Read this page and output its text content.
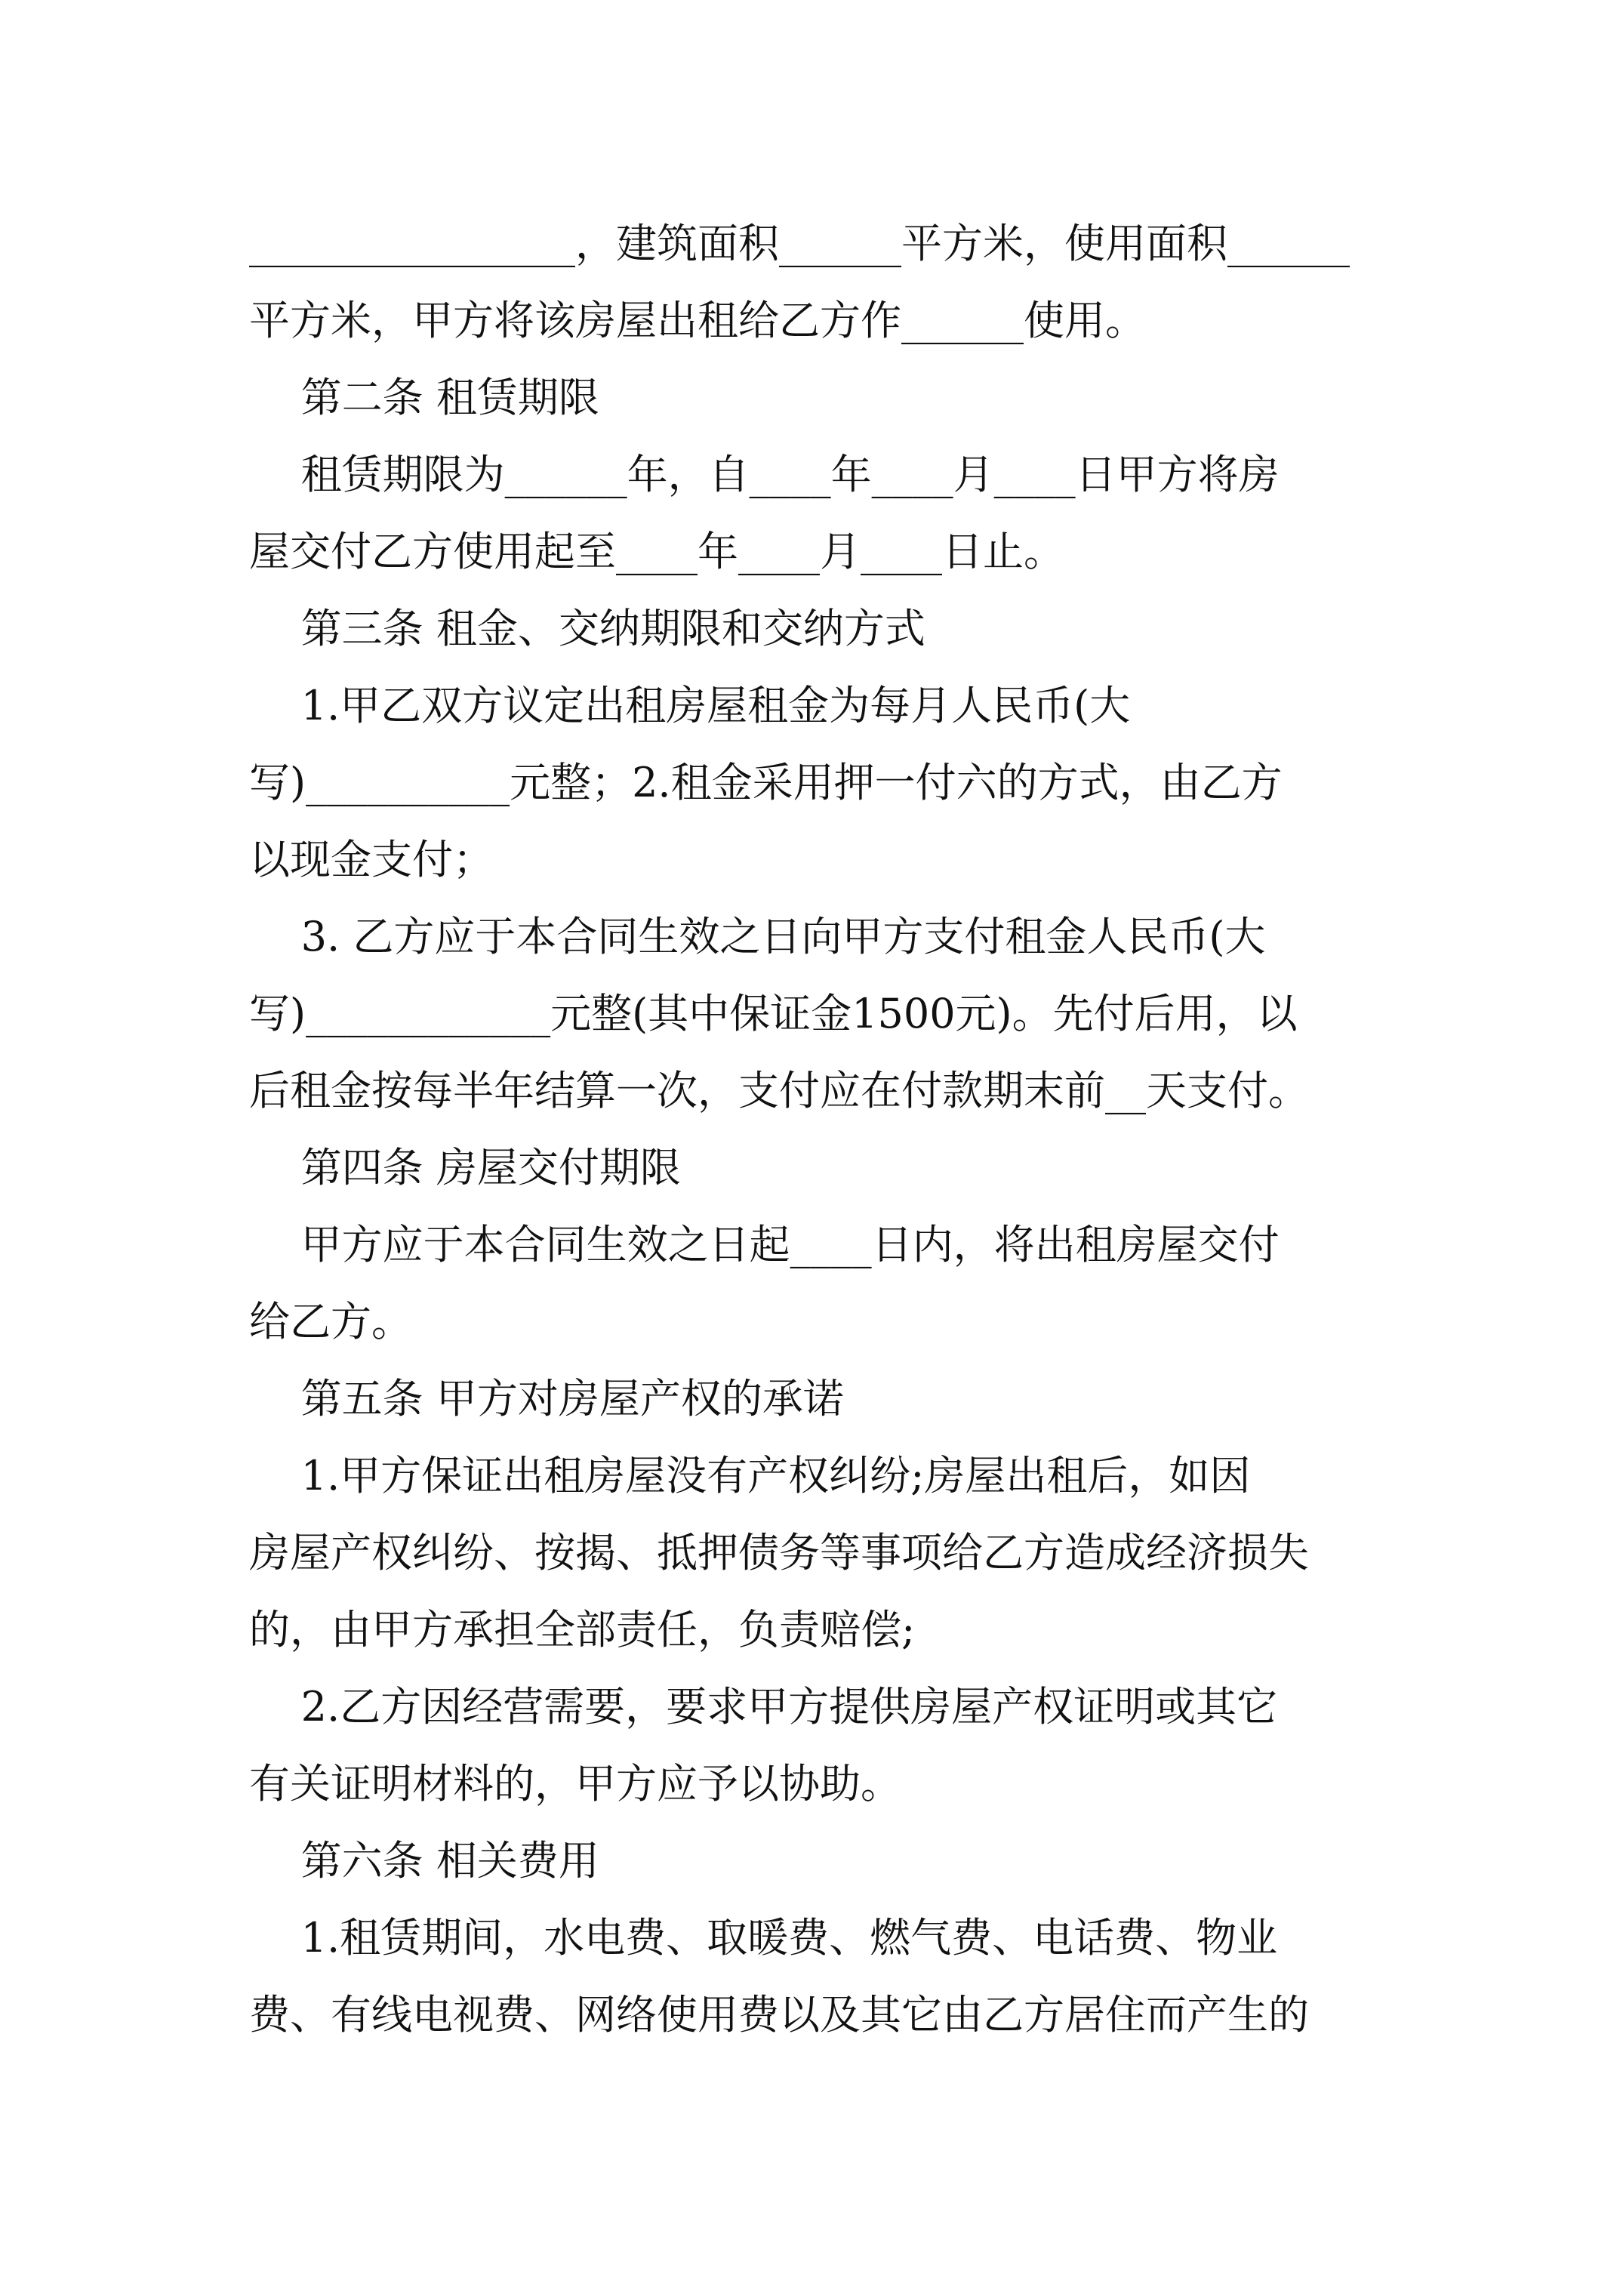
________________，建筑面积______平方米，使用面积______
平方米，甲方将该房屋出租给乙方作______使用。
第二条 租赁期限
租赁期限为______年，自____年____月____日甲方将房
屋交付乙方使用起至____年____月____日止。
第三条 租金、交纳期限和交纳方式
1.甲乙双方议定出租房屋租金为每月人民币(大
写)__________元整；2.租金采用押一付六的方式，由乙方
以现金支付；
3. 乙方应于本合同生效之日向甲方支付租金人民币(大
写)____________元整(其中保证金1500元)。先付后用，以
后租金按每半年结算一次，支付应在付款期末前__天支付。
第四条 房屋交付期限
甲方应于本合同生效之日起____日内，将出租房屋交付
给乙方。
第五条 甲方对房屋产权的承诺
1.甲方保证出租房屋没有产权纠纷;房屋出租后，如因
房屋产权纠纷、按揭、抵押债务等事项给乙方造成经济损失
的，由甲方承担全部责任，负责赔偿;
2.乙方因经营需要，要求甲方提供房屋产权证明或其它
有关证明材料的，甲方应予以协助。
第六条 相关费用
1.租赁期间，水电费、取暖费、燃气费、电话费、物业
费、有线电视费、网络使用费以及其它由乙方居住而产生的
